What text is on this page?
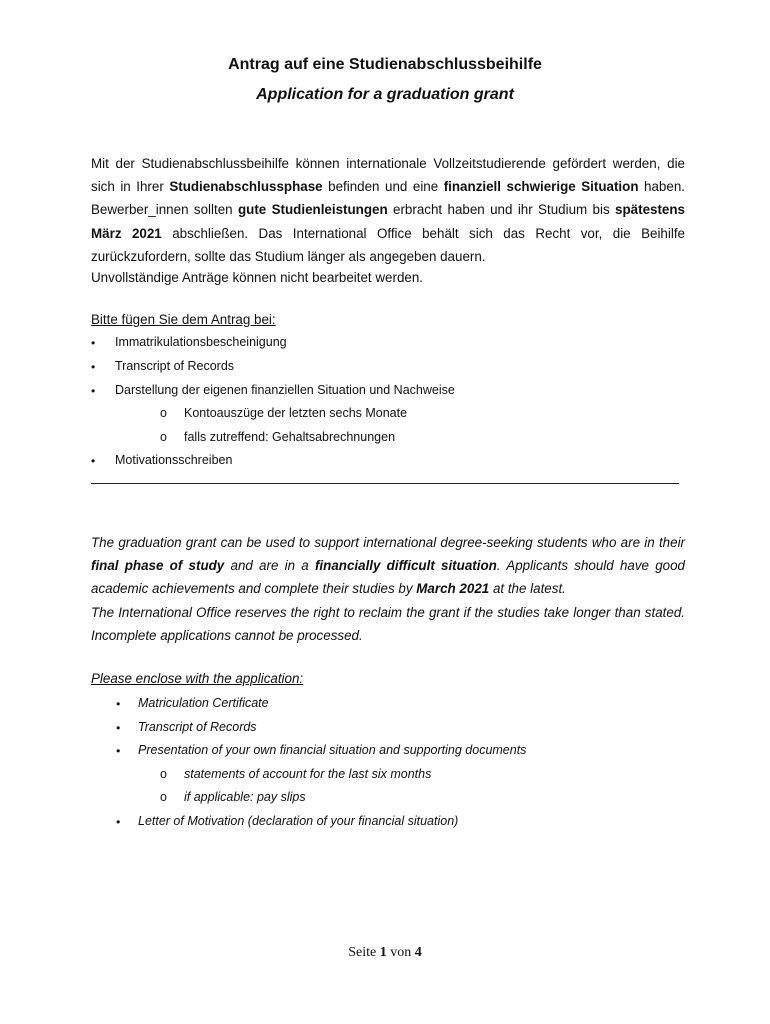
Antrag auf eine Studienabschlussbeihilfe
Application for a graduation grant
Mit der Studienabschlussbeihilfe können internationale Vollzeitstudierende gefördert werden, die sich in Ihrer Studienabschlussphase befinden und eine finanziell schwierige Situation haben. Bewerber_innen sollten gute Studienleistungen erbracht haben und ihr Studium bis spätestens März 2021 abschließen. Das International Office behält sich das Recht vor, die Beihilfe zurückzufordern, sollte das Studium länger als angegeben dauern.
Unvollständige Anträge können nicht bearbeitet werden.
Bitte fügen Sie dem Antrag bei:
• Immatrikulationsbescheinigung
• Transcript of Records
• Darstellung der eigenen finanziellen Situation und Nachweise
o Kontoauszüge der letzten sechs Monate
o falls zutreffend: Gehaltsabrechnungen
• Motivationsschreiben
The graduation grant can be used to support international degree-seeking students who are in their final phase of study and are in a financially difficult situation. Applicants should have good academic achievements and complete their studies by March 2021 at the latest.
The International Office reserves the right to reclaim the grant if the studies take longer than stated. Incomplete applications cannot be processed.
Please enclose with the application:
• Matriculation Certificate
• Transcript of Records
• Presentation of your own financial situation and supporting documents
o statements of account for the last six months
o if applicable: pay slips
• Letter of Motivation (declaration of your financial situation)
Seite 1 von 4
